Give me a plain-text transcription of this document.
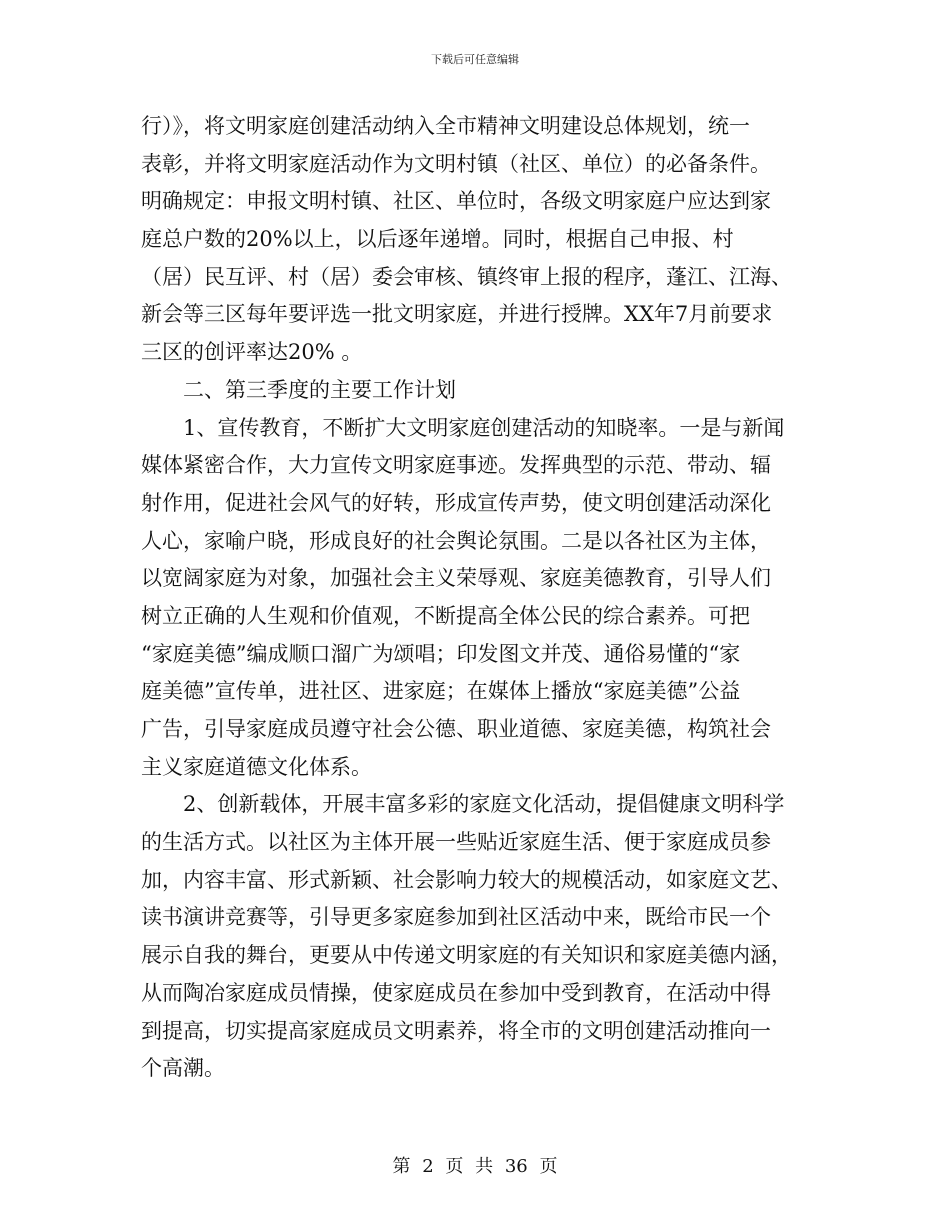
下载后可任意编辑
行）》，将文明家庭创建活动纳入全市精神文明建设总体规划，统一
表彰，并将文明家庭活动作为文明村镇（社区、单位）的必备条件。
明确规定：申报文明村镇、社区、单位时，各级文明家庭户应达到家
庭总户数的20%以上，以后逐年递增。同时，根据自己申报、村
（居）民互评、村（居）委会审核、镇终审上报的程序，蓬江、江海、
新会等三区每年要评选一批文明家庭，并进行授牌。XX年7月前要求
三区的创评率达20% 。
二、第三季度的主要工作计划
1、宣传教育，不断扩大文明家庭创建活动的知晓率。一是与新闻
媒体紧密合作，大力宣传文明家庭事迹。发挥典型的示范、带动、辐
射作用，促进社会风气的好转，形成宣传声势，使文明创建活动深化
人心，家喻户晓，形成良好的社会舆论氛围。二是以各社区为主体，
以宽阔家庭为对象，加强社会主义荣辱观、家庭美德教育，引导人们
树立正确的人生观和价值观，不断提高全体公民的综合素养。可把
“家庭美德”编成顺口溜广为颂唱；印发图文并茂、通俗易懂的“家
庭美德”宣传单，进社区、进家庭；在媒体上播放“家庭美德”公益
广告，引导家庭成员遵守社会公德、职业道德、家庭美德，构筑社会
主义家庭道德文化体系。
2、创新载体，开展丰富多彩的家庭文化活动，提倡健康文明科学
的生活方式。以社区为主体开展一些贴近家庭生活、便于家庭成员参
加，内容丰富、形式新颖、社会影响力较大的规模活动，如家庭文艺、
读书演讲竞赛等，引导更多家庭参加到社区活动中来，既给市民一个
展示自我的舞台，更要从中传递文明家庭的有关知识和家庭美德内涵，
从而陶冶家庭成员情操，使家庭成员在参加中受到教育，在活动中得
到提高，切实提高家庭成员文明素养，将全市的文明创建活动推向一
个高潮。
第 2 页 共 36 页
